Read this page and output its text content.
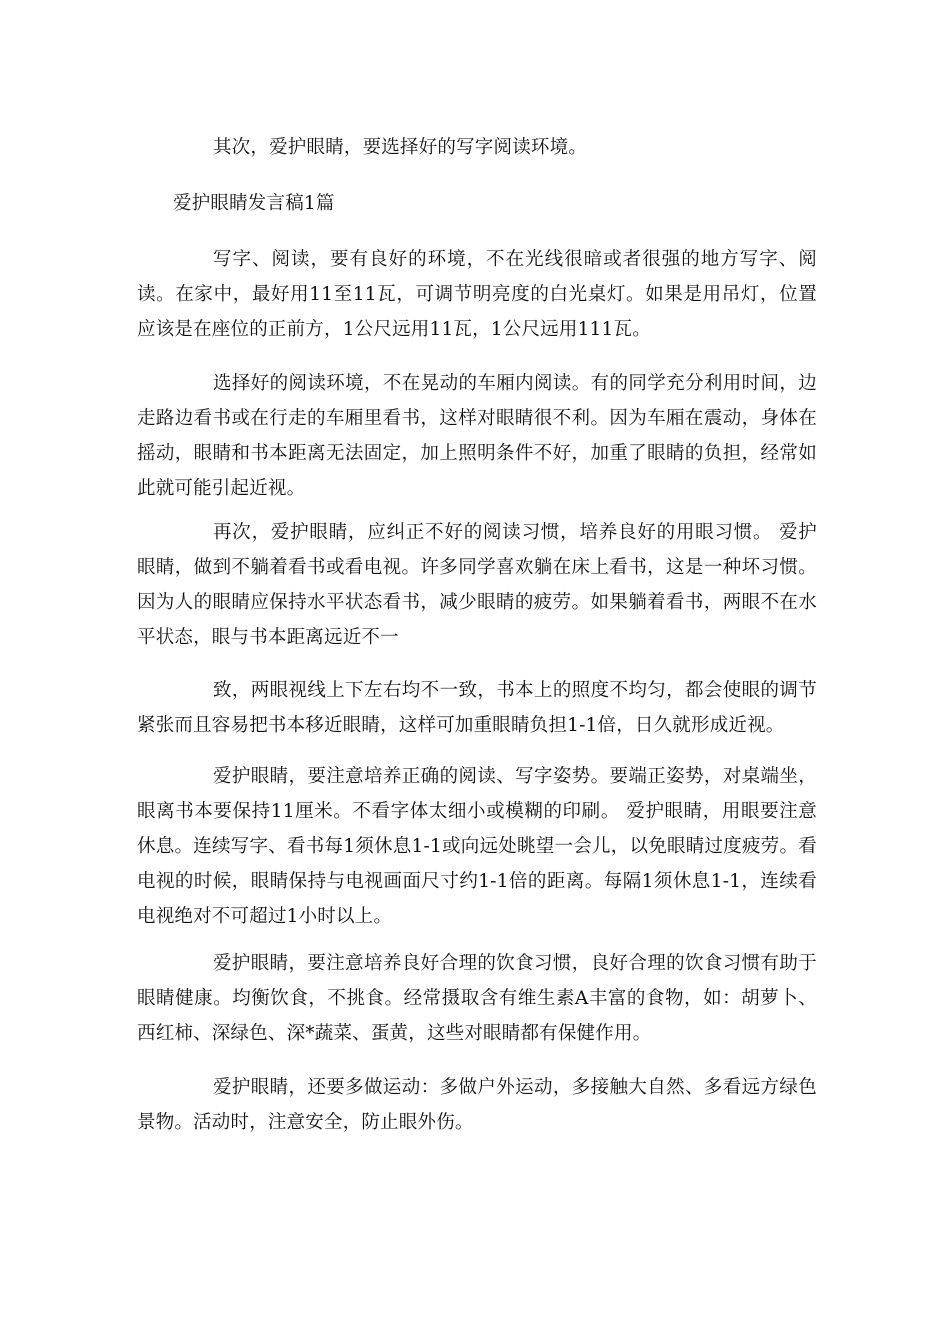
其次，爱护眼睛，要选择好的写字阅读环境。

爱护眼睛发言稿1篇

写字、阅读，要有良好的环境，不在光线很暗或者很强的地方写字、阅读。在家中，最好用11至11瓦，可调节明亮度的白光桌灯。如果是用吊灯，位置应该是在座位的正前方，1公尺远用11瓦，1公尺远用111瓦。

选择好的阅读环境，不在晃动的车厢内阅读。有的同学充分利用时间，边走路边看书或在行走的车厢里看书，这样对眼睛很不利。因为车厢在震动，身体在摇动，眼睛和书本距离无法固定，加上照明条件不好，加重了眼睛的负担，经常如此就可能引起近视。

再次，爱护眼睛，应纠正不好的阅读习惯，培养良好的用眼习惯。 爱护眼睛，做到不躺着看书或看电视。许多同学喜欢躺在床上看书，这是一种坏习惯。因为人的眼睛应保持水平状态看书，减少眼睛的疲劳。如果躺着看书，两眼不在水平状态，眼与书本距离远近不一

致，两眼视线上下左右均不一致，书本上的照度不均匀，都会使眼的调节紧张而且容易把书本移近眼睛，这样可加重眼睛负担1-1倍，日久就形成近视。

爱护眼睛，要注意培养正确的阅读、写字姿势。要端正姿势，对桌端坐，眼离书本要保持11厘米。不看字体太细小或模糊的印刷。 爱护眼睛，用眼要注意休息。连续写字、看书每1须休息1-1或向远处眺望一会儿，以免眼睛过度疲劳。看电视的时候，眼睛保持与电视画面尺寸约1-1倍的距离。每隔1须休息1-1，连续看电视绝对不可超过1小时以上。

爱护眼睛，要注意培养良好合理的饮食习惯，良好合理的饮食习惯有助于眼睛健康。均衡饮食，不挑食。经常摄取含有维生素A丰富的食物，如：胡萝卜、西红柿、深绿色、深*蔬菜、蛋黄，这些对眼睛都有保健作用。

爱护眼睛，还要多做运动：多做户外运动，多接触大自然、多看远方绿色景物。活动时，注意安全，防止眼外伤。
